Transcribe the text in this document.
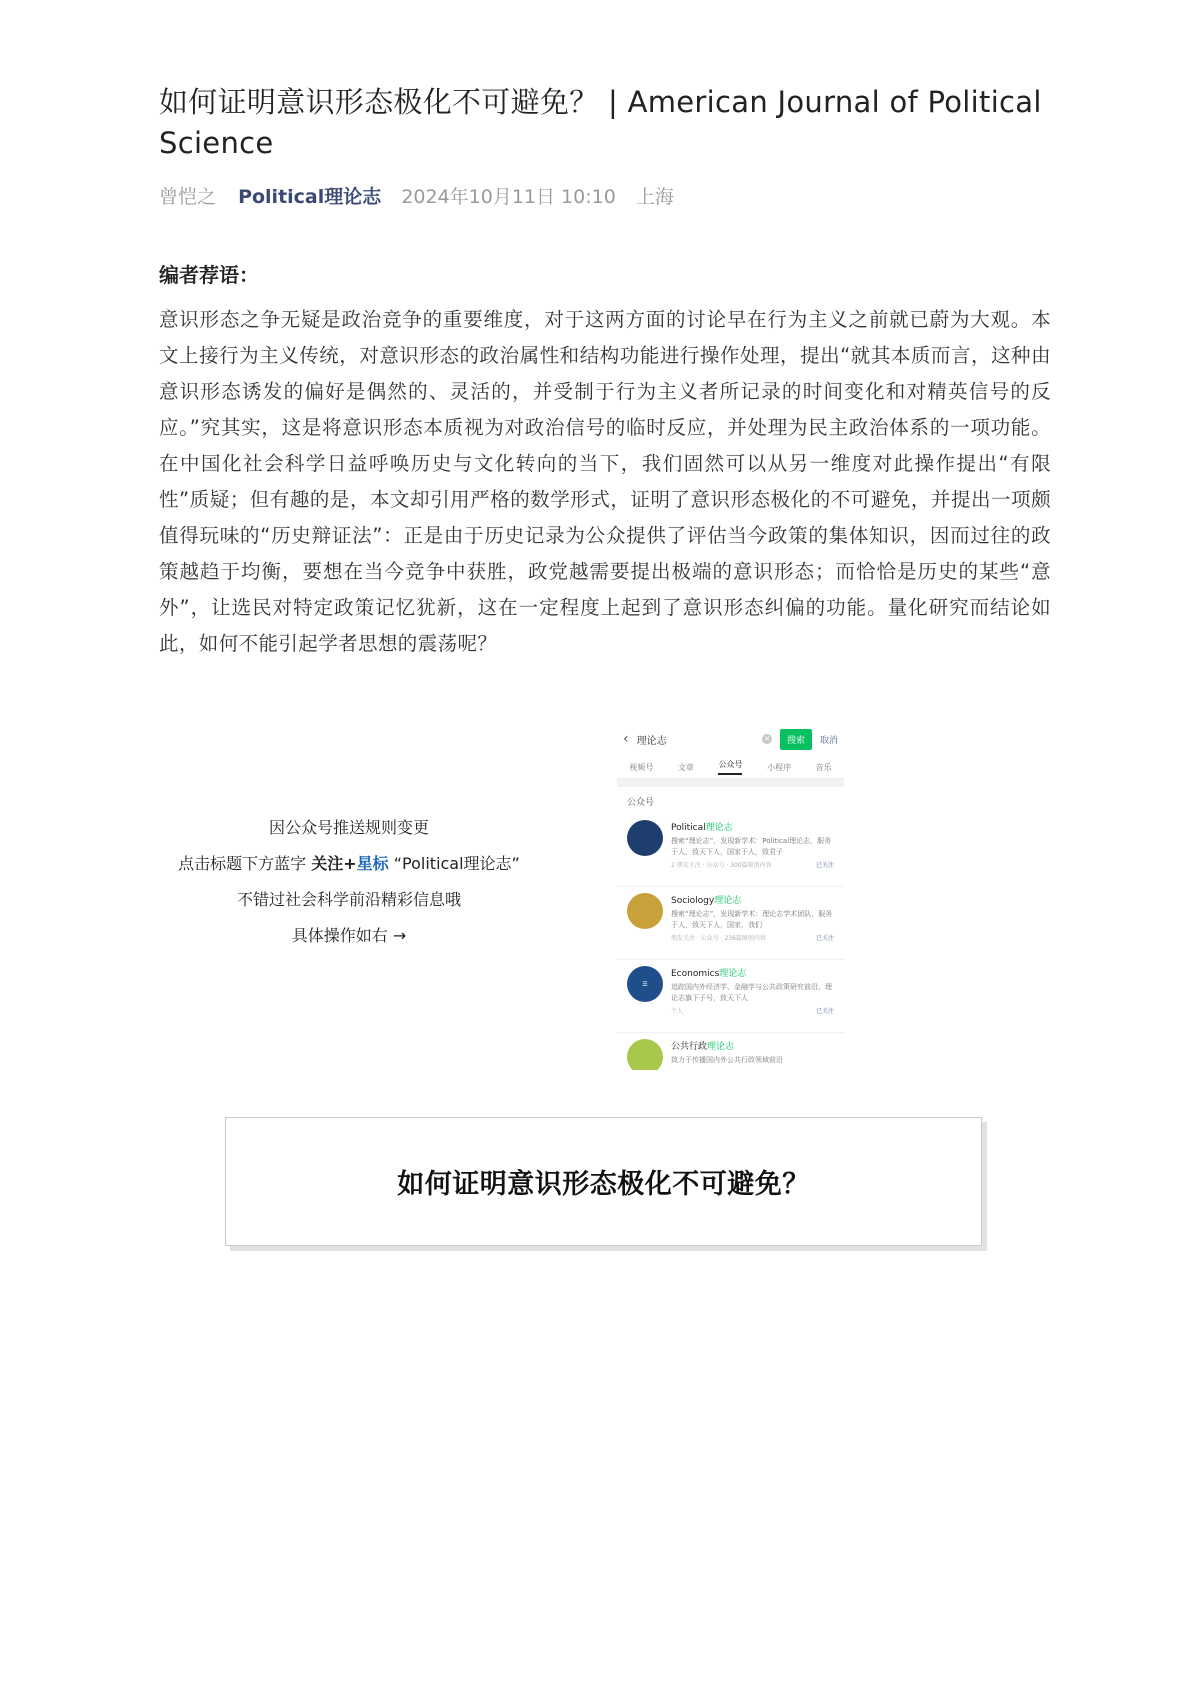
如何证明意识形态极化不可避免？ | American Journal of Political Science
曾恺之 Political理论志 2024年10月11日 10:10 上海
编者荐语：
意识形态之争无疑是政治竞争的重要维度，对于这两方面的讨论早在行为主义之前就已蔚为大观。本文上接行为主义传统，对意识形态的政治属性和结构功能进行操作处理，提出“就其本质而言，这种由意识形态诱发的偏好是偶然的、灵活的，并受制于行为主义者所记录的时间变化和对精英信号的反应。”究其实，这是将意识形态本质视为对政治信号的临时反应，并处理为民主政治体系的一项功能。在中国化社会科学日益呼唤历史与文化转向的当下，我们固然可以从另一维度对此操作提出“有限性”质疑；但有趣的是，本文却引用严格的数学形式，证明了意识形态极化的不可避免，并提出一项颇值得玩味的“历史辩证法”：正是由于历史记录为公众提供了评估当今政策的集体知识，因而过往的政策越趋于均衡，要想在当今竞争中获胜，政党越需要提出极端的意识形态；而恰恰是历史的某些“意外”，让选民对特定政策记忆犹新，这在一定程度上起到了意识形态纠偏的功能。量化研究而结论如此，如何不能引起学者思想的震荡呢？
因公众号推送规则变更
点击标题下方蓝字 关注+星标 “Political理论志”
不错过社会科学前沿精彩信息哦
具体操作如右 →
‹ 理论志	×	搜索	取消
视频号	文章	公众号	小程序	音乐
公众号
Political理论志
搜索“理论志”，发现新学术：Political理论志，服务于人，致天下人，国家于人，致君子
2 朋友关注 · 公众号 · 300篇原创内容	已关注
Sociology理论志
搜索“理论志”，发现新学术：理论志学术团队，服务于人，致天下人，国家，我们
朋友关注 · 公众号 · 236篇原创内容	已关注
☰
Economics理论志
追踪国内外经济学、金融学与公共政策研究前沿，理论志旗下子号，致天下人
个人	已关注
公共行政理论志
致力于传播国内外公共行政领域前沿
如何证明意识形态极化不可避免？
